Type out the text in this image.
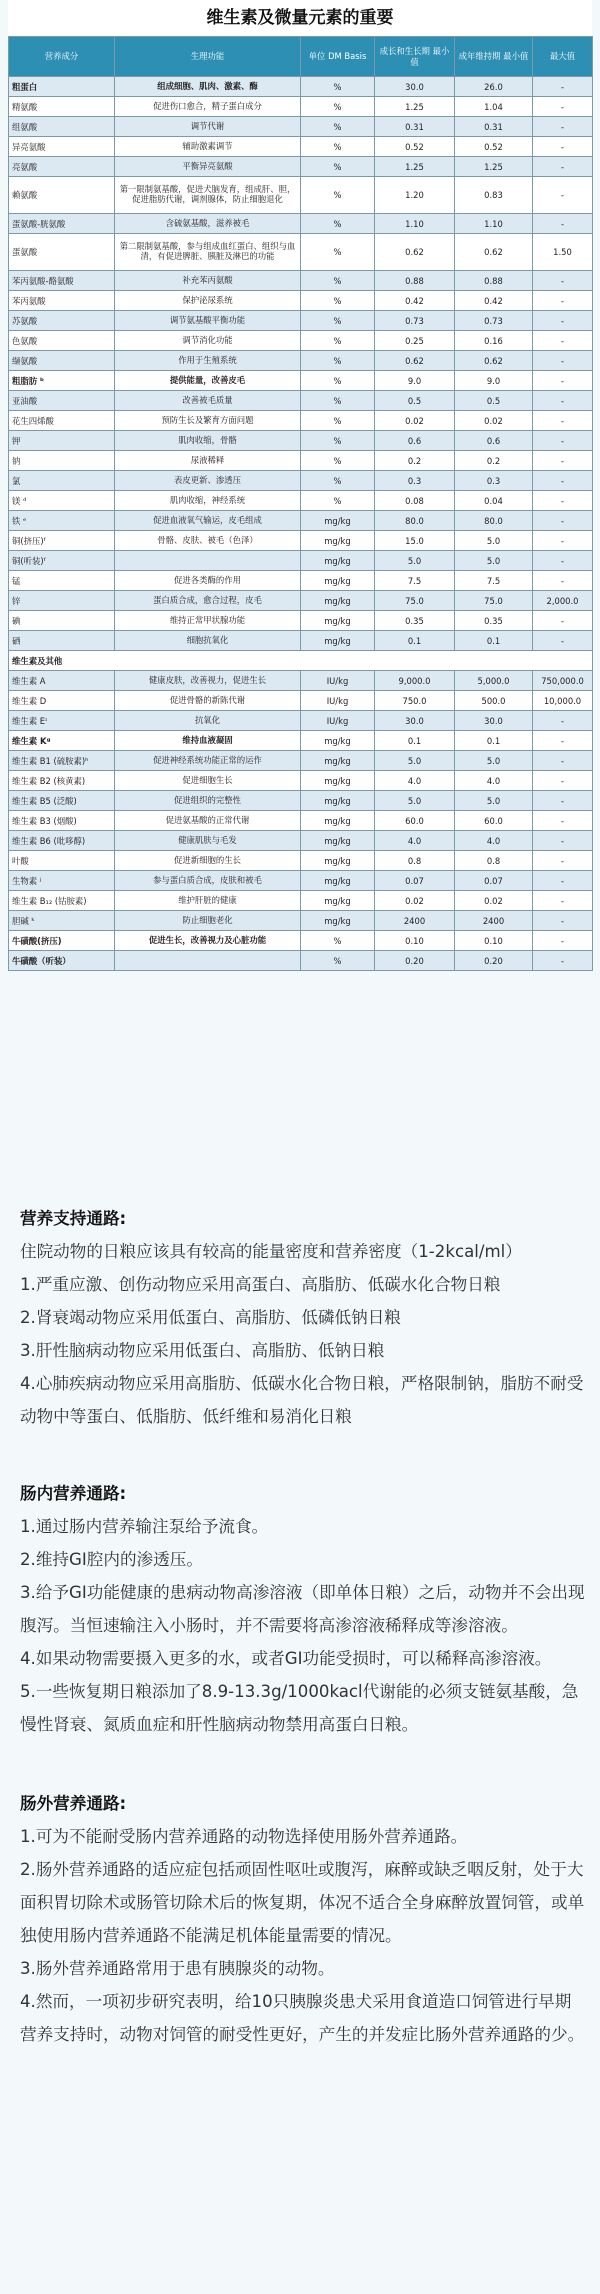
维生素及微量元素的重要
营养成分	生理功能	单位 DM Basis	成长和生长期 最小值	成年维持期 最小值	最大值
粗蛋白	组成细胞、肌肉、激素、酶	%	30.0	26.0	-
精氨酸	促进伤口愈合，精子蛋白成分	%	1.25	1.04	-
组氨酸	调节代谢	%	0.31	0.31	-
异亮氨酸	辅助激素调节	%	0.52	0.52	-
亮氨酸	平衡异亮氨酸	%	1.25	1.25	-
赖氨酸	第一限制氨基酸，促进犬脑发育，组成肝、胆，促进脂肪代谢，调剂腺体，防止细胞退化	%	1.20	0.83	-
蛋氨酸-胱氨酸	含硫氨基酸，滋养被毛	%	1.10	1.10	-
蛋氨酸	第二限制氨基酸，参与组成血红蛋白、组织与血清，有促进脾脏、胰脏及淋巴的功能	%	0.62	0.62	1.50
苯丙氨酸-酪氨酸	补充苯丙氨酸	%	0.88	0.88	-
苯丙氨酸	保护泌尿系统	%	0.42	0.42	-
苏氨酸	调节氨基酸平衡功能	%	0.73	0.73	-
色氨酸	调节消化功能	%	0.25	0.16	-
缬氨酸	作用于生殖系统	%	0.62	0.62	-
粗脂肪 ᵇ	提供能量，改善皮毛	%	9.0	9.0	-
亚油酸	改善被毛质量	%	0.5	0.5	-
花生四烯酸	预防生长及繁育方面问题	%	0.02	0.02	-
钾	肌肉收缩，骨骼	%	0.6	0.6	-
钠	尿液稀释	%	0.2	0.2	-
氯	表皮更新、渗透压	%	0.3	0.3	-
镁 ᵈ	肌肉收缩，神经系统	%	0.08	0.04	-
铁 ᵉ	促进血液氧气输运，皮毛组成	mg/kg	80.0	80.0	-
铜(挤压)ᶠ	骨骼、皮肤、被毛（色泽）	mg/kg	15.0	5.0	-
铜(听装)ᶠ		mg/kg	5.0	5.0	-
锰	促进各类酶的作用	mg/kg	7.5	7.5	-
锌	蛋白质合成，愈合过程，皮毛	mg/kg	75.0	75.0	2,000.0
碘	维持正常甲状腺功能	mg/kg	0.35	0.35	-
硒	细胞抗氧化	mg/kg	0.1	0.1	-
维生素及其他					
维生素 A	健康皮肤，改善视力，促进生长	IU/kg	9,000.0	5,000.0	750,000.0
维生素 D	促进骨骼的新陈代谢	IU/kg	750.0	500.0	10,000.0
维生素 Eᶦ	抗氧化	IU/kg	30.0	30.0	-
维生素 Kᵍ	维持血液凝固	mg/kg	0.1	0.1	-
维生素 B1 (硫胺素)ʰ	促进神经系统功能正常的运作	mg/kg	5.0	5.0	-
维生素 B2 (核黄素)	促进细胞生长	mg/kg	4.0	4.0	-
维生素 B5 (泛酸)	促进组织的完整性	mg/kg	5.0	5.0	-
维生素 B3 (烟酸)	促进氨基酸的正常代谢	mg/kg	60.0	60.0	-
维生素 B6 (吡哆醇)	健康肌肤与毛发	mg/kg	4.0	4.0	-
叶酸	促进新细胞的生长	mg/kg	0.8	0.8	-
生物素 ʲ	参与蛋白质合成，皮肤和被毛	mg/kg	0.07	0.07	-
维生素 B₁₂ (钴胺素)	维护肝脏的健康	mg/kg	0.02	0.02	-
胆碱 ᵏ	防止细胞老化	mg/kg	2400	2400	-
牛磺酸(挤压)	促进生长，改善视力及心脏功能	%	0.10	0.10	-
牛磺酸（听装）		%	0.20	0.20	-
营养支持通路:

住院动物的日粮应该具有较高的能量密度和营养密度（1-2kcal/ml）

1.严重应激、创伤动物应采用高蛋白、高脂肪、低碳水化合物日粮

2.肾衰竭动物应采用低蛋白、高脂肪、低磷低钠日粮

3.肝性脑病动物应采用低蛋白、高脂肪、低钠日粮

4.心肺疾病动物应采用高脂肪、低碳水化合物日粮，严格限制钠，脂肪不耐受动物中等蛋白、低脂肪、低纤维和易消化日粮

肠内营养通路:

1.通过肠内营养输注泵给予流食。

2.维持GI腔内的渗透压。

3.给予GI功能健康的患病动物高渗溶液（即单体日粮）之后，动物并不会出现腹泻。当恒速输注入小肠时，并不需要将高渗溶液稀释成等渗溶液。

4.如果动物需要摄入更多的水，或者GI功能受损时，可以稀释高渗溶液。

5.一些恢复期日粮添加了8.9-13.3g/1000kacl代谢能的必须支链氨基酸，急慢性肾衰、氮质血症和肝性脑病动物禁用高蛋白日粮。

肠外营养通路:

1.可为不能耐受肠内营养通路的动物选择使用肠外营养通路。

2.肠外营养通路的适应症包括顽固性呕吐或腹泻，麻醉或缺乏咽反射，处于大面积胃切除术或肠管切除术后的恢复期，体况不适合全身麻醉放置饲管，或单独使用肠内营养通路不能满足机体能量需要的情况。

3.肠外营养通路常用于患有胰腺炎的动物。

4.然而，一项初步研究表明，给10只胰腺炎患犬采用食道造口饲管进行早期营养支持时，动物对饲管的耐受性更好，产生的并发症比肠外营养通路的少。
